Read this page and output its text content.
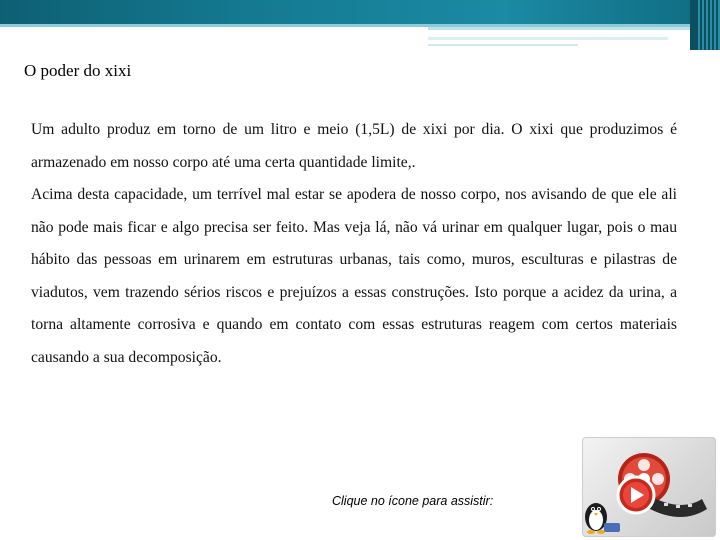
O poder do xixi

Um adulto produz em torno de um litro e meio (1,5L) de xixi por dia. O xixi que produzimos é armazenado em nosso corpo até uma certa quantidade limite,.

Acima desta capacidade, um terrível mal estar se apodera de nosso corpo, nos avisando de que ele ali não pode mais ficar e algo precisa ser feito. Mas veja lá, não vá urinar em qualquer lugar, pois o mau hábito das pessoas em urinarem em estruturas urbanas, tais como, muros, esculturas e pilastras de viadutos, vem trazendo sérios riscos e prejuízos a essas construções. Isto porque a acidez da urina, a torna altamente corrosiva e quando em contato com essas estruturas reagem com certos materiais causando a sua decomposição.

Clique no ícone para assistir:
